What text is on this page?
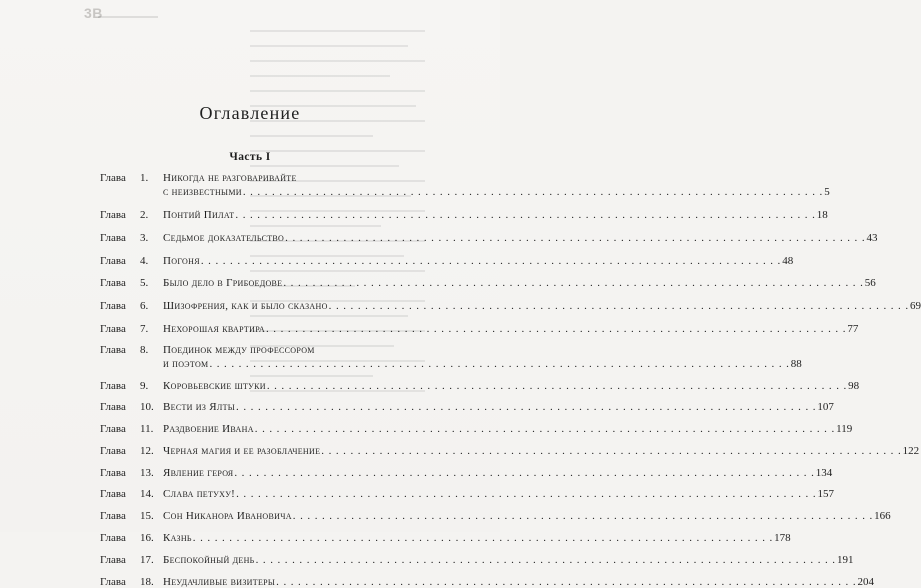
3B
Оглавление
Часть I
Глава	1.	Никогда не разговаривайте
с неизвестными . . . . . . . . . . . . . . . . . . . . . . . . . . . . . . . . . . . . . . . . . . . . . . . . . . . . . . . . . . . . . . . . . . . . . . . . . . . . . . . . 5
Глава	2.	Понтий Пилат . . . . . . . . . . . . . . . . . . . . . . . . . . . . . . . . . . . . . . . . . . . . . . . . . . . . . . . . . . . . . . . . . . . . . . . . . . . . . . . . 18
Глава	3.	Седьмое доказательство . . . . . . . . . . . . . . . . . . . . . . . . . . . . . . . . . . . . . . . . . . . . . . . . . . . . . . . . . . . . . . . . . . . . . . . . . . . . . . . . 43
Глава	4.	Погоня . . . . . . . . . . . . . . . . . . . . . . . . . . . . . . . . . . . . . . . . . . . . . . . . . . . . . . . . . . . . . . . . . . . . . . . . . . . . . . . . 48
Глава	5.	Было дело в Грибоедове . . . . . . . . . . . . . . . . . . . . . . . . . . . . . . . . . . . . . . . . . . . . . . . . . . . . . . . . . . . . . . . . . . . . . . . . . . . . . . . . 56
Глава	6.	Шизофрения, как и было сказано . . . . . . . . . . . . . . . . . . . . . . . . . . . . . . . . . . . . . . . . . . . . . . . . . . . . . . . . . . . . . . . . . . . . . . . . . . . . . . . . 69
Глава	7.	Нехорошая квартира . . . . . . . . . . . . . . . . . . . . . . . . . . . . . . . . . . . . . . . . . . . . . . . . . . . . . . . . . . . . . . . . . . . . . . . . . . . . . . . . 77
Глава	8.	Поединок между профессором
и поэтом . . . . . . . . . . . . . . . . . . . . . . . . . . . . . . . . . . . . . . . . . . . . . . . . . . . . . . . . . . . . . . . . . . . . . . . . . . . . . . . . 88
Глава	9.	Коровьевские штуки . . . . . . . . . . . . . . . . . . . . . . . . . . . . . . . . . . . . . . . . . . . . . . . . . . . . . . . . . . . . . . . . . . . . . . . . . . . . . . . . 98
Глава	10. Вести из Ялты . . . . . . . . . . . . . . . . . . . . . . . . . . . . . . . . . . . . . . . . . . . . . . . . . . . . . . . . . . . . . . . . . . . . . . . . . . . . . . . . 107
Глава	11. Раздвоение Ивана . . . . . . . . . . . . . . . . . . . . . . . . . . . . . . . . . . . . . . . . . . . . . . . . . . . . . . . . . . . . . . . . . . . . . . . . . . . . . . . . 119
Глава	12. Черная магия и ее разоблачение . . . . . . . . . . . . . . . . . . . . . . . . . . . . . . . . . . . . . . . . . . . . . . . . . . . . . . . . . . . . . . . . . . . . . . . . . . . . . . . . 122
Глава	13. Явление героя . . . . . . . . . . . . . . . . . . . . . . . . . . . . . . . . . . . . . . . . . . . . . . . . . . . . . . . . . . . . . . . . . . . . . . . . . . . . . . . . 134
Глава	14. Слава петуху! . . . . . . . . . . . . . . . . . . . . . . . . . . . . . . . . . . . . . . . . . . . . . . . . . . . . . . . . . . . . . . . . . . . . . . . . . . . . . . . . 157
Глава	15. Сон Никанора Ивановича . . . . . . . . . . . . . . . . . . . . . . . . . . . . . . . . . . . . . . . . . . . . . . . . . . . . . . . . . . . . . . . . . . . . . . . . . . . . . . . . 166
Глава	16. Казнь . . . . . . . . . . . . . . . . . . . . . . . . . . . . . . . . . . . . . . . . . . . . . . . . . . . . . . . . . . . . . . . . . . . . . . . . . . . . . . . . 178
Глава	17. Беспокойный день . . . . . . . . . . . . . . . . . . . . . . . . . . . . . . . . . . . . . . . . . . . . . . . . . . . . . . . . . . . . . . . . . . . . . . . . . . . . . . . . 191
Глава	18. Неудачливые визитеры . . . . . . . . . . . . . . . . . . . . . . . . . . . . . . . . . . . . . . . . . . . . . . . . . . . . . . . . . . . . . . . . . . . . . . . . . . . . . . . . 204
